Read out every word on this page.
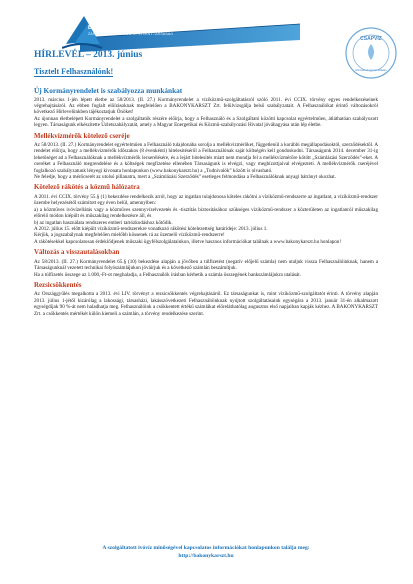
BAKONYKARSZT VÍZ- ÉS CSATORNAMŰ
ZÁRTKÖRŰEN MŰKÖDŐ RÉSZVÉNYTÁRSASÁG
CSAPVÍZ
Minősített ivóvíz-ellátás
HÍRLEVÉL – 2013. június
Tisztelt Felhasználónk!
Új Kormányrendelet is szabályozza munkánkat

2013. március 1-jén lépett életbe az 58/2013. (II. 27.) Kormányrendelet a víziközmű-szolgáltatásról szóló 2011. évi CCIX. törvény egyes rendelkezéseinek végrehajtásáról. Az ebben foglalt előírásoknak megfelelően a BAKONYKARSZT Zrt. felülvizsgálja belső szabályzatait. A Felhasználókat érintő változásokról következő Hírlevelünkben tájékoztatjuk Önöket!

Az újonnan életbelépett Kormányrendelet a szolgáltatók részére előírja, hogy a Felhasználó és a Szolgáltató közötti kapcsolat egyértelműen, átláthatóan szabályozott legyen. Társaságunk elkészítette Üzletszabályzatát, amely a Magyar Energetikai és Közmű-szabályozási Hivatal jóváhagyása után lép életbe.

Mellékvízmérők kötelező cseréje

Az 58/2013. (II. 27.) Kormányrendelet egyértelműen a Felhasználó tulajdonába sorolja a mellékvízmérőket, függetlenül a korábbi megállapodásoktól, szerződésektől. A rendelet előírja, hogy a mellékvízmérők időszakos (8 évenkénti) hitelesítéséről a Felhasználónak saját költségén kell gondoskodni. Társaságunk 2014. december 31-ig lehetőséget ad a Felhasználóknak a mellékvízmérők lecserélésére, és a lejárt hitelesítés miatt nem mondja fel a mellékvízmérőre kötött „Számlázási Szerződés”-eket. A cseréket a Felhasználó megrendelése és a költségek megfizetése ellenében Társaságunk is elvégzi, vagy megbízottjaival elvégezteti. A mellékvízmérők cseréjével foglalkozó szabályzatunk lényegi kivonata honlapunkon (www.bakonykarszt.hu) a „Tudnivalók” között is olvasható.

Ne feledje, hogy a mérőcserét az utolsó pillanatra, mert a „Számlázási Szerződés” esetleges felmondása a Felhasználóknak anyagi hátrányt okozhat.

Kötelező rákötés a közmű hálózatra

A 2011. évi CCIX. törvény 55.§ (1) bekezdése rendelkezik arról, hogy az ingatlan tulajdonosa köteles rákötni a víziközmű-rendszerre az ingatlant, a víziközmű-rendszer üzembe helyezésétől számított egy éven belül, amennyiben:

a) a közműves ivóvízellátás vagy a közműves szennyvízelvezetés és -tisztítás biztosításához szükséges víziközmű-rendszer a közterületen az ingatlanról műszakilag előrelő módon kiépült és műszakilag rendelkezésre áll, és

b) az ingatlan használata rendszeres emberi tartózkodáshoz kötődik.

A 2012. július 15. előtt kiépült víziközmű-rendszerekre vonatkozó rákötési kötelezettség határideje: 2013. július 1.

Kérjük, a jogszabálynak megfelelően mielőbb kössenek rá az üzemelő víziközmű-rendszerre!

A rákötésekkel kapcsolatosan érdeklődjenek műszaki ügyfélszolgálatainkon, illetve hasznos információkat találnak a www.bakonykarszt.hu honlapon!

Változás a visszautalásokban

Az 58/2013. (II. 27.) Kormányrendelet 65.§ (10) bekezdése alapján a jövőben a túlfizetést (negatív előjelű számla) nem utaljuk vissza Felhasználóinknak, hanem a Társaságunknál vezetett technikai folyószámlájukon jóváírjuk és a következő számlán beszámítjuk.

Ha a túlfizetés összege az 1.000,-Ft-ot meghaladja, a Felhasználók írásban kérhetik a számla összegének bankszámlájukra utalását.

Rezsicsökkentés

Az Országgyűlés megalkotta a 2013. évi LIV. törvényt a rezsicsökkentés végrehajtásáról. Ez társaságunkat is, mint víziközmű-szolgáltatót érinti. A törvény alapján 2013. július 1-jétől kizárólag a lakossági, társasházi, lakásszövetkezeti Felhasználóinknak nyújtott szolgáltatásaink egységára a 2013. január 31-én alkalmazott egységdíjak 90 %-át nem haladhatja meg. Felhasználóink a csökkentett értékű számlákat előreláthatólag augusztus első napjaiban kapják kézhez. A BAKONYKARSZT Zrt. a csökkentés mértékét külön kiemeli a számlán, a törvény rendelkezése szerint.

A szolgáltatott ivóvíz minőségével kapcsolatos információkat honlapunkon találja meg:
http://bakonykarszt.hu
